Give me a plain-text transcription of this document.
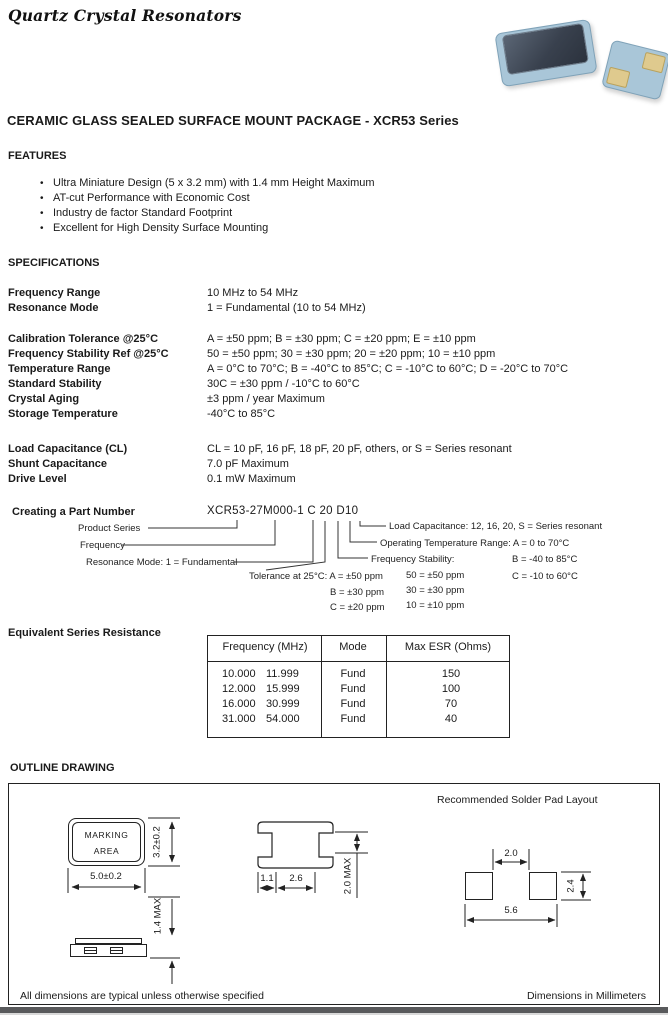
Quartz Crystal Resonators
CERAMIC GLASS SEALED SURFACE MOUNT PACKAGE - XCR53 Series
FEATURES
• Ultra Miniature Design (5 x 3.2 mm) with 1.4 mm Height Maximum
• AT-cut Performance with Economic Cost
• Industry de factor Standard Footprint
• Excellent for High Density Surface Mounting
SPECIFICATIONS
Frequency Range	10 MHz to 54 MHz
Resonance Mode	1 = Fundamental (10 to 54 MHz)
Calibration Tolerance @25°C	A = ±50 ppm; B = ±30 ppm; C = ±20 ppm; E = ±10 ppm
Frequency Stability Ref @25°C	50 = ±50 ppm; 30 = ±30 ppm; 20 = ±20 ppm; 10 = ±10 ppm
Temperature Range	A = 0°C to 70°C; B = -40°C to 85°C; C = -10°C to 60°C; D = -20°C to 70°C
Standard Stability	30C = ±30 ppm / -10°C to 60°C
Crystal Aging	±3 ppm / year Maximum
Storage Temperature	-40°C to 85°C
Load Capacitance (CL)	CL = 10 pF, 16 pF, 18 pF, 20 pF, others, or S = Series resonant
Shunt Capacitance	7.0 pF Maximum
Drive Level	0.1 mW Maximum
Creating a Part Number	XCR53-27M000-1 C 20 D10
Product Series
Frequency
Resonance Mode: 1 = Fundamental
Tolerance at 25°C: A = ±50 ppm
B = ±30 ppm
C = ±20 ppm
Frequency Stability:
50 = ±50 ppm
30 = ±30 ppm
10 = ±10 ppm
Load Capacitance: 12, 16, 20, S = Series resonant
Operating Temperature Range: A = 0 to 70°C
B = -40 to 85°C
C = -10 to 60°C
Equivalent Series Resistance
Frequency (MHz)	Mode	Max ESR (Ohms)
10.000 11.999	Fund	150
12.000 15.999	Fund	100
16.000 30.999	Fund	70
31.000 54.000	Fund	40
OUTLINE DRAWING
Recommended Solder Pad Layout
MARKING
AREA
5.0±0.2
3.2±0.2
1.4 MAX
1.1 2.6	2.0 MAX
2.0
2.4
5.6
All dimensions are typical unless otherwise specified	Dimensions in Millimeters
